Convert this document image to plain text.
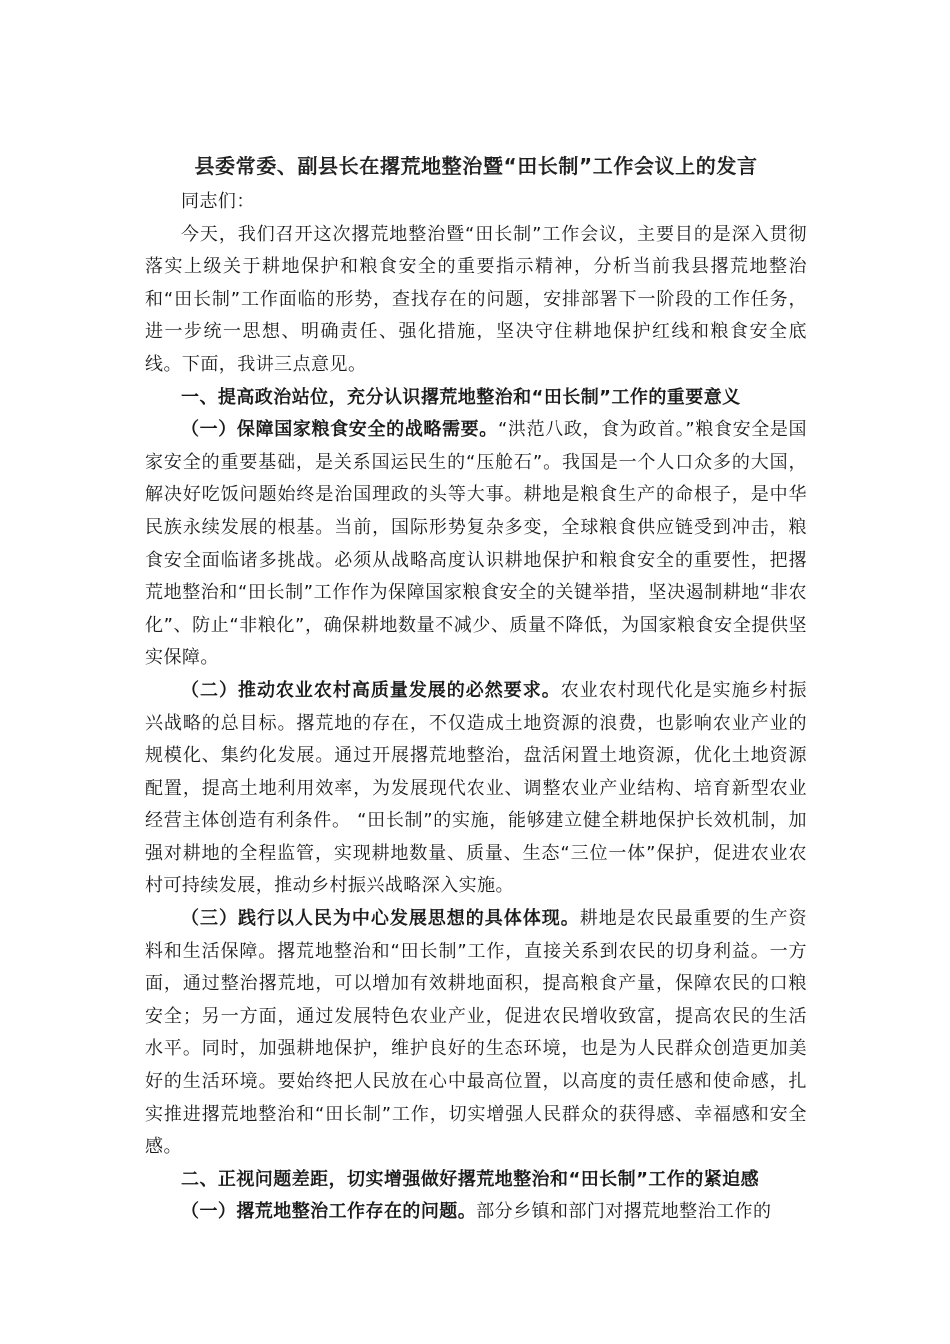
县委常委、副县长在撂荒地整治暨“田长制”工作会议上的发言

同志们：

今天，我们召开这次撂荒地整治暨“田长制”工作会议，主要目的是深入贯彻落实上级关于耕地保护和粮食安全的重要指示精神，分析当前我县撂荒地整治和“田长制”工作面临的形势，查找存在的问题，安排部署下一阶段的工作任务，进一步统一思想、明确责任、强化措施，坚决守住耕地保护红线和粮食安全底线。下面，我讲三点意见。

一、提高政治站位，充分认识撂荒地整治和“田长制”工作的重要意义

（一）保障国家粮食安全的战略需要。“洪范八政，食为政首。”粮食安全是国家安全的重要基础，是关系国运民生的“压舱石”。我国是一个人口众多的大国，解决好吃饭问题始终是治国理政的头等大事。耕地是粮食生产的命根子，是中华民族永续发展的根基。当前，国际形势复杂多变，全球粮食供应链受到冲击，粮食安全面临诸多挑战。必须从战略高度认识耕地保护和粮食安全的重要性，把撂荒地整治和“田长制”工作作为保障国家粮食安全的关键举措，坚决遏制耕地“非农化”、防止“非粮化”，确保耕地数量不减少、质量不降低，为国家粮食安全提供坚实保障。

（二）推动农业农村高质量发展的必然要求。农业农村现代化是实施乡村振兴战略的总目标。撂荒地的存在，不仅造成土地资源的浪费，也影响农业产业的规模化、集约化发展。通过开展撂荒地整治，盘活闲置土地资源，优化土地资源配置，提高土地利用效率，为发展现代农业、调整农业产业结构、培育新型农业经营主体创造有利条件。 “田长制”的实施，能够建立健全耕地保护长效机制，加强对耕地的全程监管，实现耕地数量、质量、生态“三位一体”保护，促进农业农村可持续发展，推动乡村振兴战略深入实施。

（三）践行以人民为中心发展思想的具体体现。耕地是农民最重要的生产资料和生活保障。撂荒地整治和“田长制”工作，直接关系到农民的切身利益。一方面，通过整治撂荒地，可以增加有效耕地面积，提高粮食产量，保障农民的口粮安全；另一方面，通过发展特色农业产业，促进农民增收致富，提高农民的生活水平。同时，加强耕地保护，维护良好的生态环境，也是为人民群众创造更加美好的生活环境。要始终把人民放在心中最高位置，以高度的责任感和使命感，扎实推进撂荒地整治和“田长制”工作，切实增强人民群众的获得感、幸福感和安全感。

二、正视问题差距，切实增强做好撂荒地整治和“田长制”工作的紧迫感

（一）撂荒地整治工作存在的问题。部分乡镇和部门对撂荒地整治工作的
